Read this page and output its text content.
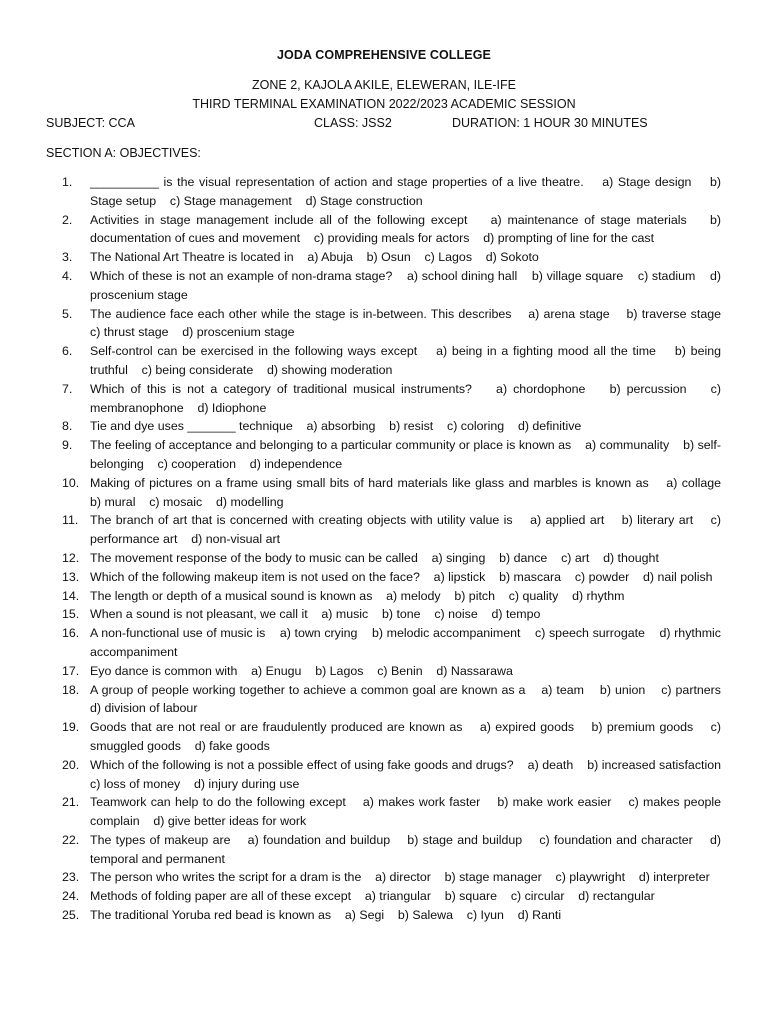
JODA COMPREHENSIVE COLLEGE
ZONE 2, KAJOLA AKILE, ELEWERAN, ILE-IFE
THIRD TERMINAL EXAMINATION 2022/2023 ACADEMIC SESSION
SUBJECT: CCA	CLASS: JSS2	DURATION: 1 HOUR 30 MINUTES
SECTION A: OBJECTIVES:
1.	__________ is the visual representation of action and stage properties of a live theatre.    a) Stage design    b) Stage setup    c) Stage management    d) Stage construction
2.	Activities in stage management include all of the following except    a) maintenance of stage materials    b) documentation of cues and movement    c) providing meals for actors    d) prompting of line for the cast
3.	The National Art Theatre is located in    a) Abuja    b) Osun    c) Lagos    d) Sokoto
4.	Which of these is not an example of non-drama stage?    a) school dining hall    b) village square    c) stadium    d) proscenium stage
5.	The audience face each other while the stage is in-between. This describes    a) arena stage    b) traverse stage    c) thrust stage    d) proscenium stage
6.	Self-control can be exercised in the following ways except    a) being in a fighting mood all the time    b) being truthful    c) being considerate    d) showing moderation
7.	Which of this is not a category of traditional musical instruments?    a) chordophone    b) percussion    c) membranophone    d) Idiophone
8.	Tie and dye uses _______ technique    a) absorbing    b) resist    c) coloring    d) definitive
9.	The feeling of acceptance and belonging to a particular community or place is known as    a) communality    b) self-belonging    c) cooperation    d) independence
10. Making of pictures on a frame using small bits of hard materials like glass and marbles is known as    a) collage    b) mural    c) mosaic    d) modelling
11. The branch of art that is concerned with creating objects with utility value is    a) applied art    b) literary art    c) performance art    d) non-visual art
12. The movement response of the body to music can be called    a) singing    b) dance    c) art    d) thought
13. Which of the following makeup item is not used on the face?    a) lipstick    b) mascara    c) powder    d) nail polish
14. The length or depth of a musical sound is known as    a) melody    b) pitch    c) quality    d) rhythm
15. When a sound is not pleasant, we call it    a) music    b) tone    c) noise    d) tempo
16. A non-functional use of music is    a) town crying    b) melodic accompaniment    c) speech surrogate    d) rhythmic accompaniment
17. Eyo dance is common with    a) Enugu    b) Lagos    c) Benin    d) Nassarawa
18. A group of people working together to achieve a common goal are known as a    a) team    b) union    c) partners    d) division of labour
19. Goods that are not real or are fraudulently produced are known as    a) expired goods    b) premium goods    c) smuggled goods    d) fake goods
20. Which of the following is not a possible effect of using fake goods and drugs?    a) death    b) increased satisfaction    c) loss of money    d) injury during use
21. Teamwork can help to do the following except    a) makes work faster    b) make work easier    c) makes people complain    d) give better ideas for work
22. The types of makeup are    a) foundation and buildup    b) stage and buildup    c) foundation and character    d) temporal and permanent
23. The person who writes the script for a dram is the    a) director    b) stage manager    c) playwright    d) interpreter
24. Methods of folding paper are all of these except    a) triangular    b) square    c) circular    d) rectangular
25. The traditional Yoruba red bead is known as    a) Segi    b) Salewa    c) Iyun    d) Ranti
